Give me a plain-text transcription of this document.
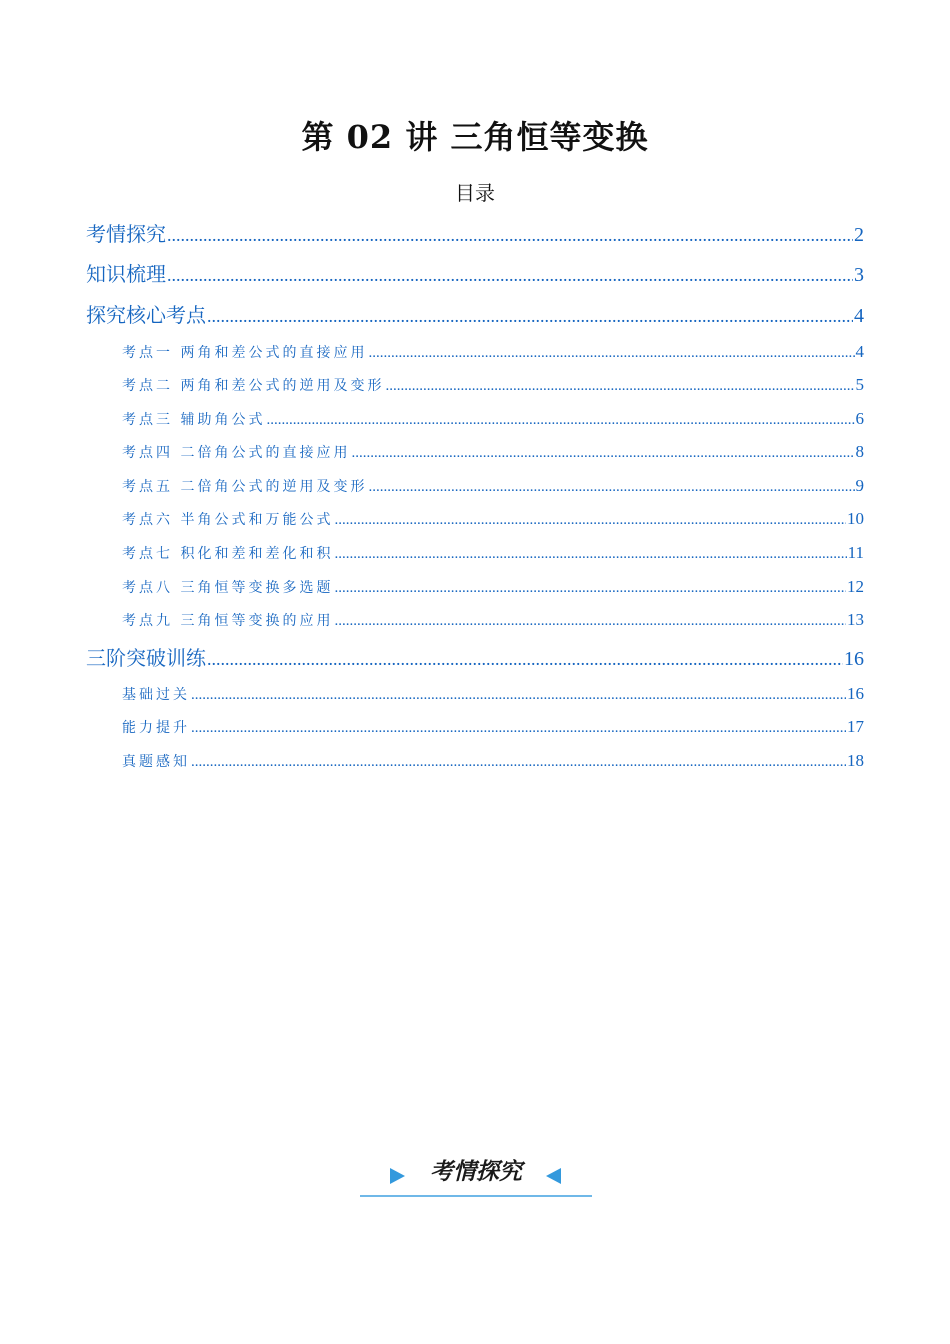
第 02 讲 三角恒等变换
目录
考情探究 .....	2
知识梳理 .....	3
探究核心考点 .....	4
考点一 两角和差公式的直接应用 .....	4
考点二 两角和差公式的逆用及变形 .....	5
考点三 辅助角公式 .....	6
考点四 二倍角公式的直接应用 .....	8
考点五 二倍角公式的逆用及变形 .....	9
考点六 半角公式和万能公式 .....	10
考点七 积化和差和差化和积 .....	11
考点八 三角恒等变换多选题 .....	12
考点九 三角恒等变换的应用 .....	13
三阶突破训练 .....	16
基础过关 .....	16
能力提升 .....	17
真题感知 .....	18
考情探究
